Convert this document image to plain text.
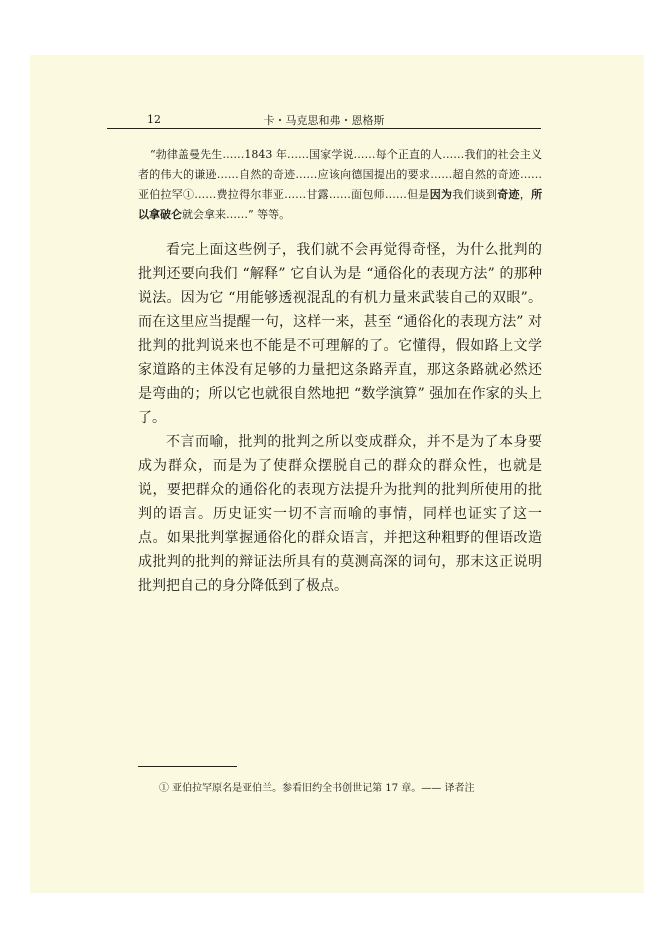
12	卡・马克思和弗・恩格斯
“勃律盖曼先生……1843 年……国家学说……每个正直的人……我们的社会主义者的伟大的谦逊……自然的奇迹……应该向德国提出的要求……超自然的奇迹……亚伯拉罕①……费拉得尔菲亚……甘露……面包师……但是因为我们谈到奇迹，所以拿破仑就会拿来……” 等等。

看完上面这些例子，我们就不会再觉得奇怪，为什么批判的批判还要向我们 “解释” 它自认为是 “通俗化的表现方法” 的那种说法。因为它 “用能够透视混乱的有机力量来武装自己的双眼”。而在这里应当提醒一句，这样一来，甚至 “通俗化的表现方法” 对批判的批判说来也不能是不可理解的了。它懂得，假如路上文学家道路的主体没有足够的力量把这条路弄直，那这条路就必然还是弯曲的；所以它也就很自然地把 “数学演算” 强加在作家的头上了。

不言而喻，批判的批判之所以变成群众，并不是为了本身要成为群众，而是为了使群众摆脱自己的群众的群众性，也就是说，要把群众的通俗化的表现方法提升为批判的批判所使用的批判的语言。历史证实一切不言而喻的事情，同样也证实了这一点。如果批判掌握通俗化的群众语言，并把这种粗野的俚语改造成批判的批判的辩证法所具有的莫测高深的词句，那末这正说明批判把自己的身分降低到了极点。

① 亚伯拉罕原名是亚伯兰。参看旧约全书创世记第 17 章。—— 译者注
